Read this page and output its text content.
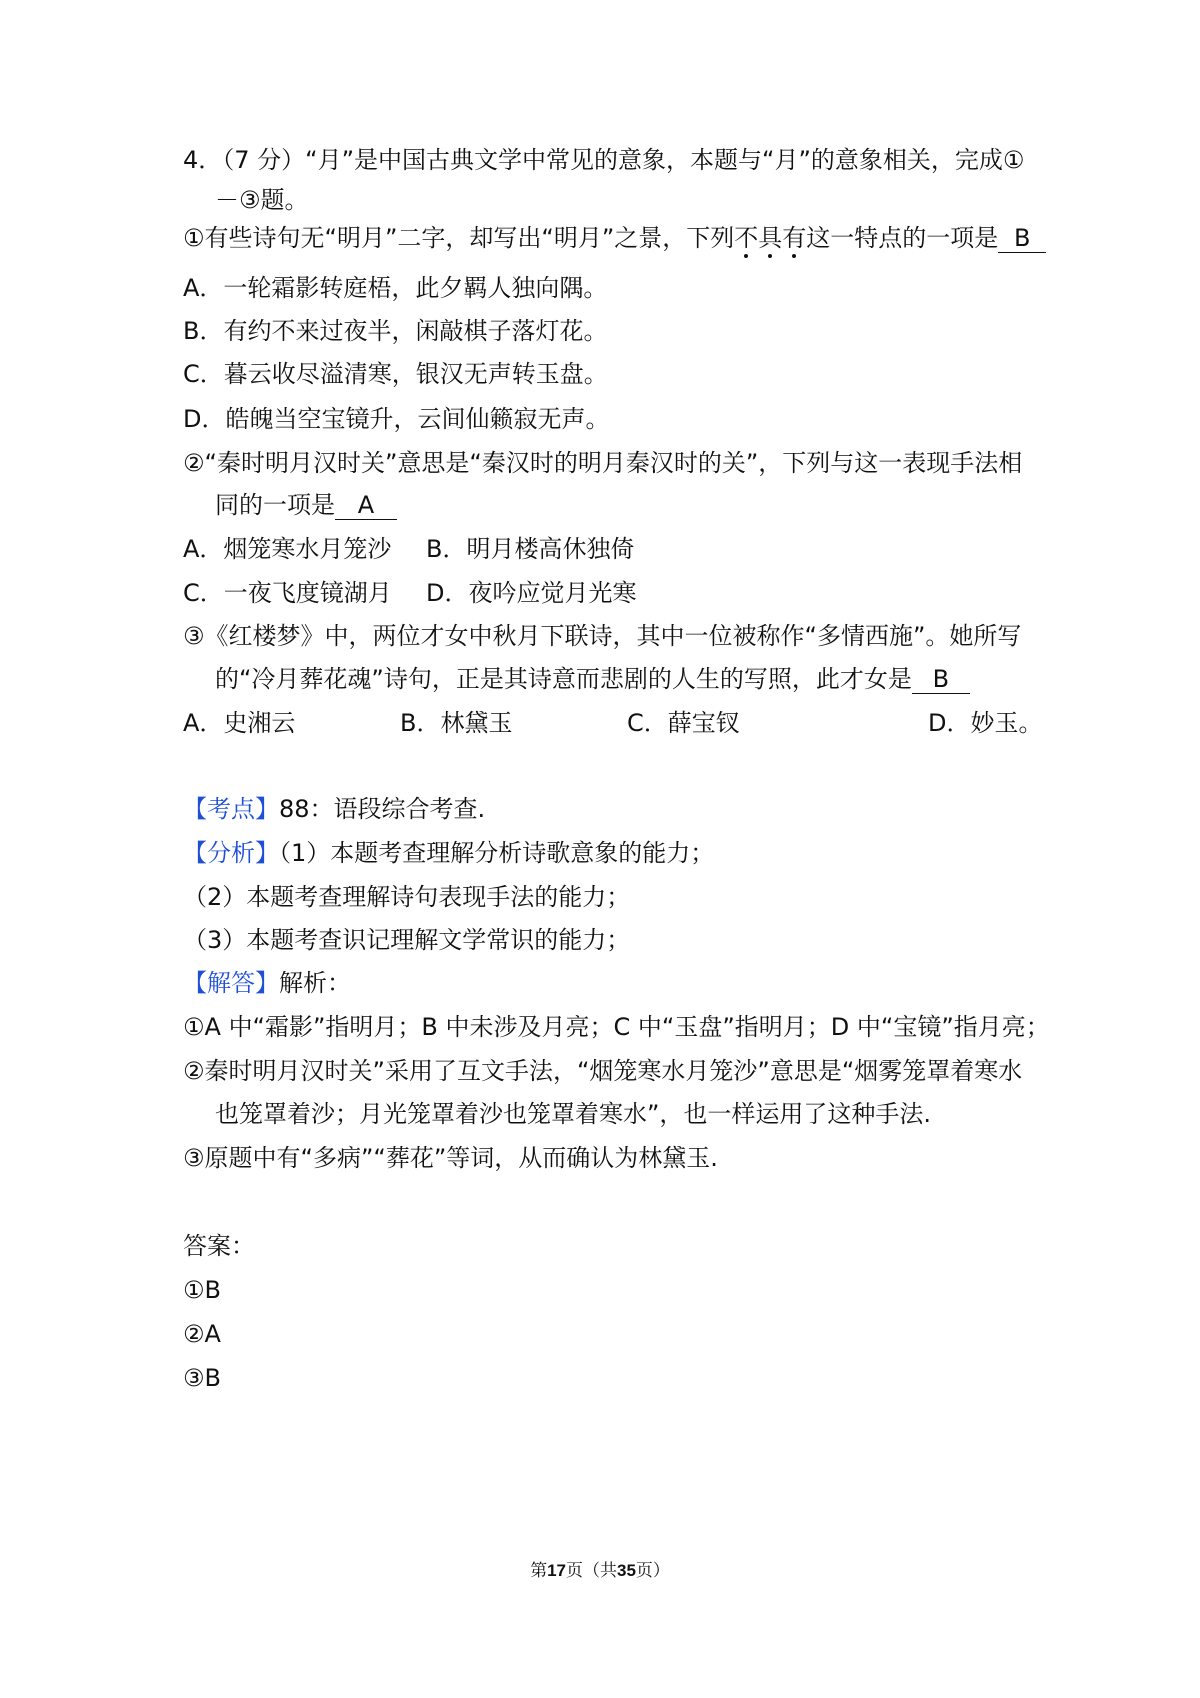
4．（7 分）“月”是中国古典文学中常见的意象，本题与“月”的意象相关，完成①
－③题。
①有些诗句无“明月”二字，却写出“明月”之景，下列不具有这一特点的一项是 B
A．一轮霜影转庭梧，此夕羁人独向隅。
B．有约不来过夜半，闲敲棋子落灯花。
C．暮云收尽溢清寒，银汉无声转玉盘。
D．皓魄当空宝镜升，云间仙籁寂无声。
②“秦时明月汉时关”意思是“秦汉时的明月秦汉时的关”，下列与这一表现手法相
同的一项是 A
A．烟笼寒水月笼沙 B．明月楼高休独倚
C．一夜飞度镜湖月 D．夜吟应觉月光寒
③《红楼梦》中，两位才女中秋月下联诗，其中一位被称作“多情西施”。她所写
的“冷月葬花魂”诗句，正是其诗意而悲剧的人生的写照，此才女是 B
A．史湘云	B．林黛玉	C．薛宝钗	D．妙玉。
【考点】88：语段综合考查.
【分析】（1）本题考查理解分析诗歌意象的能力；
（2）本题考查理解诗句表现手法的能力；
（3）本题考查识记理解文学常识的能力；
【解答】解析：
①A 中“霜影”指明月；B 中未涉及月亮；C 中“玉盘”指明月；D 中“宝镜”指月亮；
②秦时明月汉时关”采用了互文手法，“烟笼寒水月笼沙”意思是“烟雾笼罩着寒水
也笼罩着沙；月光笼罩着沙也笼罩着寒水”，也一样运用了这种手法.
③原题中有“多病”“葬花”等词，从而确认为林黛玉.
答案：
①B
②A
③B
第17页（共35页）
